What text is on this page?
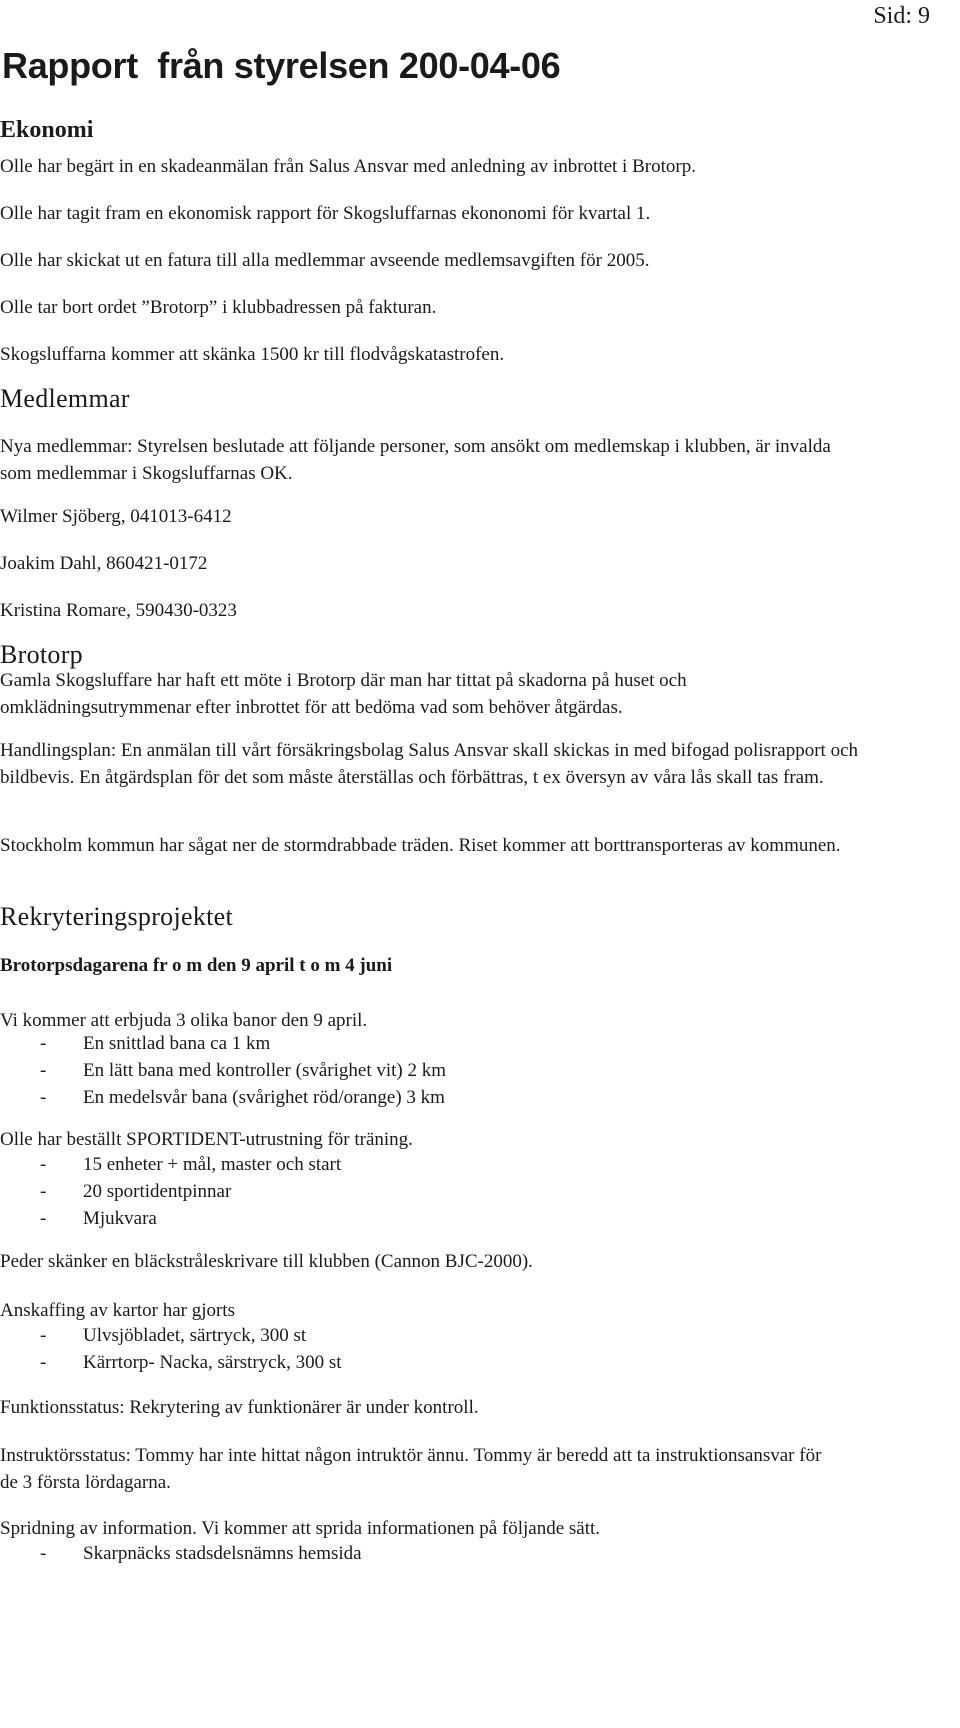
Sid: 9
Rapport  från styrelsen 200-04-06
Ekonomi

Olle har begärt in en skadeanmälan från Salus Ansvar med anledning av inbrottet i Brotorp.

Olle har tagit fram en ekonomisk rapport för Skogsluffarnas ekononomi för kvartal 1.

Olle har skickat ut en fatura till alla medlemmar avseende medlemsavgiften för 2005.

Olle tar bort ordet ”Brotorp” i klubbadressen på fakturan.

Skogsluffarna kommer att skänka 1500 kr till flodvågskatastrofen.

Medlemmar

Nya medlemmar: Styrelsen beslutade att följande personer, som ansökt om medlemskap i klubben, är invalda som medlemmar i Skogsluffarnas OK.

Wilmer Sjöberg, 041013-6412

Joakim Dahl, 860421-0172

Kristina Romare, 590430-0323

Brotorp

Gamla Skogsluffare har haft ett möte i Brotorp där man har tittat på skadorna på huset och omklädningsutrymmenar efter inbrottet för att bedöma vad som behöver åtgärdas.

Handlingsplan: En anmälan till vårt försäkringsbolag Salus Ansvar skall skickas in med bifogad polisrapport och bildbevis. En åtgärdsplan för det som måste återställas och förbättras, t ex översyn av våra lås skall tas fram.

Stockholm kommun har sågat ner de stormdrabbade träden. Riset kommer att borttransporteras av kommunen.

Rekryteringsprojektet

Brotorpsdagarena fr o m den 9 april t o m 4 juni

Vi kommer att erbjuda 3 olika banor den 9 april.

- En snittlad bana ca 1 km
- En lätt bana med kontroller (svårighet vit) 2 km
- En medelsvår bana (svårighet röd/orange) 3 km

Olle har beställt SPORTIDENT-utrustning för träning.

- 15 enheter + mål, master och start
- 20 sportidentpinnar
- Mjukvara

Peder skänker en bläckstråleskrivare till klubben (Cannon BJC-2000).

Anskaffing av kartor har gjorts

- Ulvsjöbladet, särtryck, 300 st
- Kärrtorp- Nacka, särstryck, 300 st

Funktionsstatus: Rekrytering av funktionärer är under kontroll.

Instruktörsstatus: Tommy har inte hittat någon intruktör ännu. Tommy är beredd att ta instruktionsansvar för de 3 första lördagarna.

Spridning av information. Vi kommer att sprida informationen på följande sätt.

- Skarpnäcks stadsdelsnämns hemsida
